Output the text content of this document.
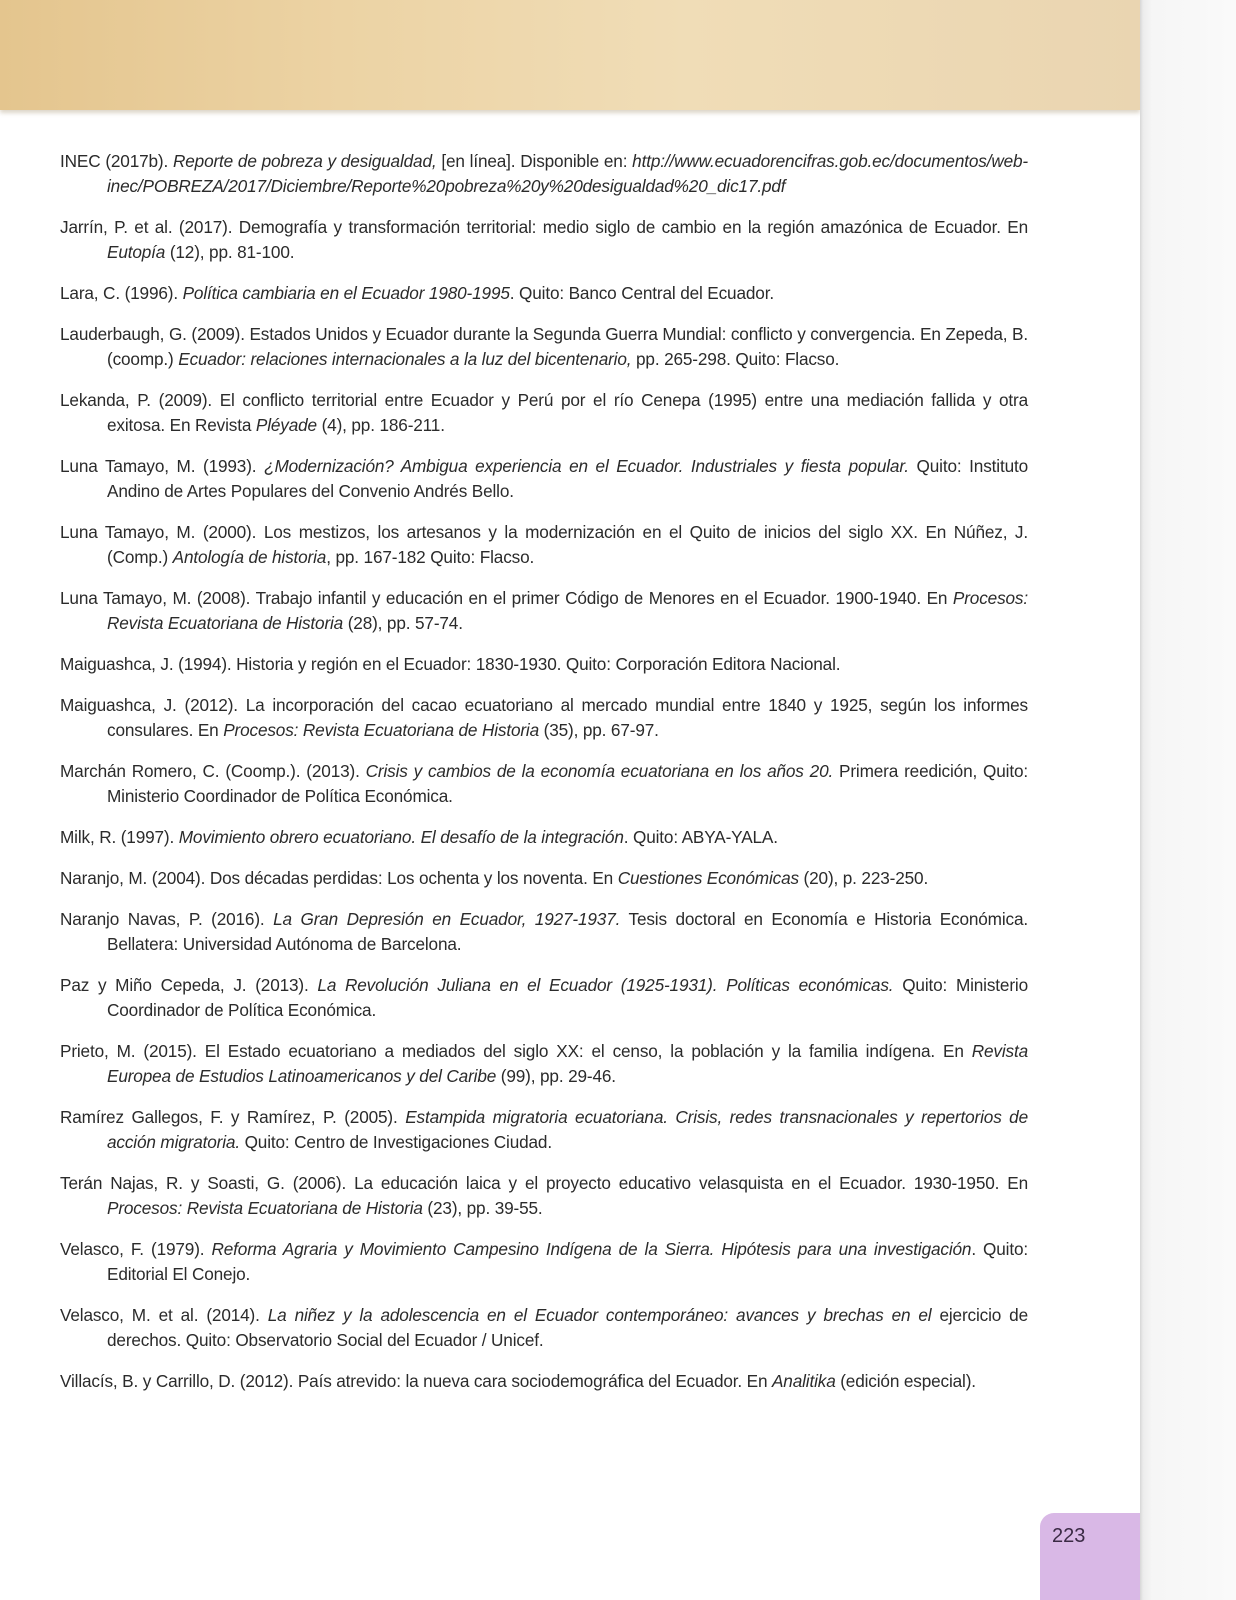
INEC (2017b). Reporte de pobreza y desigualdad, [en línea]. Disponible en: http://www.ecuadorencifras.gob.ec/documentos/web-inec/POBREZA/2017/Diciembre/Reporte%20pobreza%20y%20desigualdad%20_dic17.pdf
Jarrín, P. et al. (2017). Demografía y transformación territorial: medio siglo de cambio en la región amazónica de Ecuador. En Eutopía (12), pp. 81-100.
Lara, C. (1996). Política cambiaria en el Ecuador 1980-1995. Quito: Banco Central del Ecuador.
Lauderbaugh, G. (2009). Estados Unidos y Ecuador durante la Segunda Guerra Mundial: conflicto y convergencia. En Zepeda, B. (coomp.) Ecuador: relaciones internacionales a la luz del bicentenario, pp. 265-298. Quito: Flacso.
Lekanda, P. (2009). El conflicto territorial entre Ecuador y Perú por el río Cenepa (1995) entre una mediación fallida y otra exitosa. En Revista Pléyade (4), pp. 186-211.
Luna Tamayo, M. (1993). ¿Modernización? Ambigua experiencia en el Ecuador. Industriales y fiesta popular. Quito: Instituto Andino de Artes Populares del Convenio Andrés Bello.
Luna Tamayo, M. (2000). Los mestizos, los artesanos y la modernización en el Quito de inicios del siglo XX. En Núñez, J. (Comp.) Antología de historia, pp. 167-182 Quito: Flacso.
Luna Tamayo, M. (2008). Trabajo infantil y educación en el primer Código de Menores en el Ecuador. 1900-1940. En Procesos: Revista Ecuatoriana de Historia (28), pp. 57-74.
Maiguashca, J. (1994). Historia y región en el Ecuador: 1830-1930. Quito: Corporación Editora Nacional.
Maiguashca, J. (2012). La incorporación del cacao ecuatoriano al mercado mundial entre 1840 y 1925, según los informes consulares. En Procesos: Revista Ecuatoriana de Historia (35), pp. 67-97.
Marchán Romero, C. (Coomp.). (2013). Crisis y cambios de la economía ecuatoriana en los años 20. Primera reedición, Quito: Ministerio Coordinador de Política Económica.
Milk, R. (1997). Movimiento obrero ecuatoriano. El desafío de la integración. Quito: ABYA-YALA.
Naranjo, M. (2004). Dos décadas perdidas: Los ochenta y los noventa. En Cuestiones Económicas (20), p. 223-250.
Naranjo Navas, P. (2016). La Gran Depresión en Ecuador, 1927-1937. Tesis doctoral en Economía e Historia Económica. Bellatera: Universidad Autónoma de Barcelona.
Paz y Miño Cepeda, J. (2013). La Revolución Juliana en el Ecuador (1925-1931). Políticas económicas. Quito: Ministerio Coordinador de Política Económica.
Prieto, M. (2015). El Estado ecuatoriano a mediados del siglo XX: el censo, la población y la familia indígena. En Revista Europea de Estudios Latinoamericanos y del Caribe (99), pp. 29-46.
Ramírez Gallegos, F. y Ramírez, P. (2005). Estampida migratoria ecuatoriana. Crisis, redes transnacionales y repertorios de acción migratoria. Quito: Centro de Investigaciones Ciudad.
Terán Najas, R. y Soasti, G. (2006). La educación laica y el proyecto educativo velasquista en el Ecuador. 1930-1950. En Procesos: Revista Ecuatoriana de Historia (23), pp. 39-55.
Velasco, F. (1979). Reforma Agraria y Movimiento Campesino Indígena de la Sierra. Hipótesis para una investigación. Quito: Editorial El Conejo.
Velasco, M. et al. (2014). La niñez y la adolescencia en el Ecuador contemporáneo: avances y brechas en el ejercicio de derechos. Quito: Observatorio Social del Ecuador / Unicef.
Villacís, B. y Carrillo, D. (2012). País atrevido: la nueva cara sociodemográfica del Ecuador. En Analitika (edición especial).
223
